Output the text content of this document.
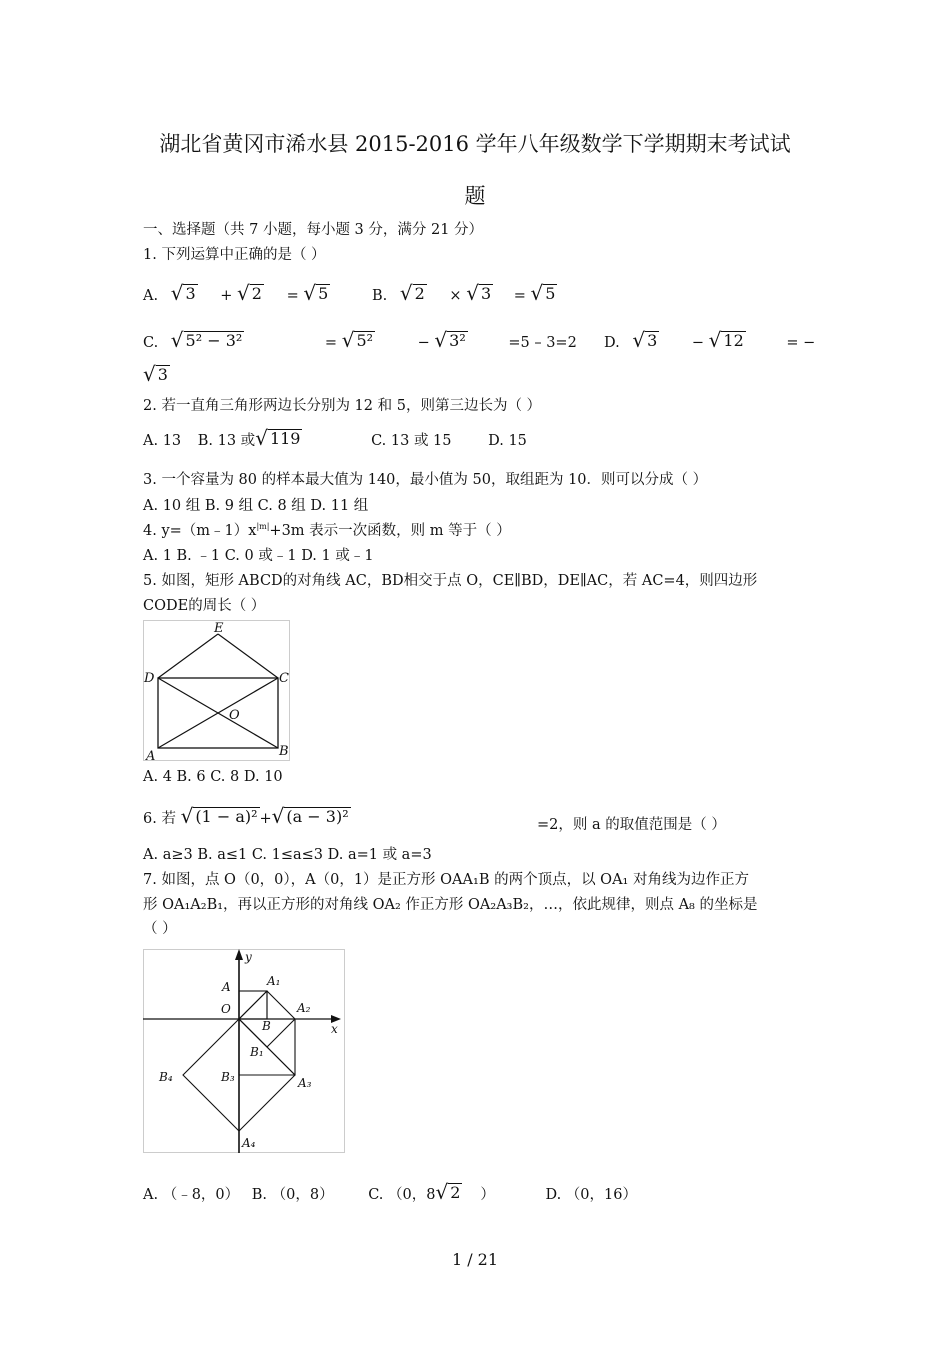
湖北省黄冈市浠水县 2015-2016 学年八年级数学下学期期末考试试
题
一、选择题（共 7 小题，每小题 3 分，满分 21 分）
1. 下列运算中正确的是（ ）
A. √ 3 + √ 2 = √ 5	B. √ 2 × √ 3 = √ 5
C. √ 5² − 3²	= √ 5²	− √ 3²	=5 – 3=2 D. √ 3 − √ 12	= −
√ 3
2. 若一直角三角形两边长分别为 12 和 5，则第三边长为（ ）
A. 13 B. 13 或 √ 119	C. 13 或 15	D. 15
3. 一个容量为 80 的样本最大值为 140，最小值为 50，取组距为 10．则可以分成（ ）
A. 10 组 B. 9 组 C. 8 组 D. 11 组
4. $y=(m﹣1)x^{|m|}+3m$ 表示一次函数，则 m 等于（ ）
A. 1 B. ﹣1 C. 0 或﹣1 D. 1 或﹣1
5. 如图，矩形 ABCD的对角线 AC，BD相交于点 O，CE∥BD，DE∥AC，若 AC=4，则四边形
CODE的周长（ ）
E
D	C
O
A	B
A. 4 B. 6 C. 8 D. 10
6. 若 √ (1 − a)² + √ (a − 3)²	=2，则 a 的取值范围是（ ）
A. a≥3 B. a≤1 C. 1≤a≤3 D. a=1 或 a=3
7. 如图，点 O（0，0），A（0，1）是正方形 OAA₁B 的两个顶点，以 OA₁ 对角线为边作正方
形 OA₁A₂B₁，再以正方形的对角线 OA₂ 作正方形 OA₂A₃B₂，…，依此规律，则点 A₈ 的坐标是
（ ）
y
x
A
O
A₁
A₂
B
B₁
B₄	B₃	A₃
A₄
A. （﹣8，0） B. （0，8） C. （0，8 √ 2 ）	D. （0，16）
1 / 21
